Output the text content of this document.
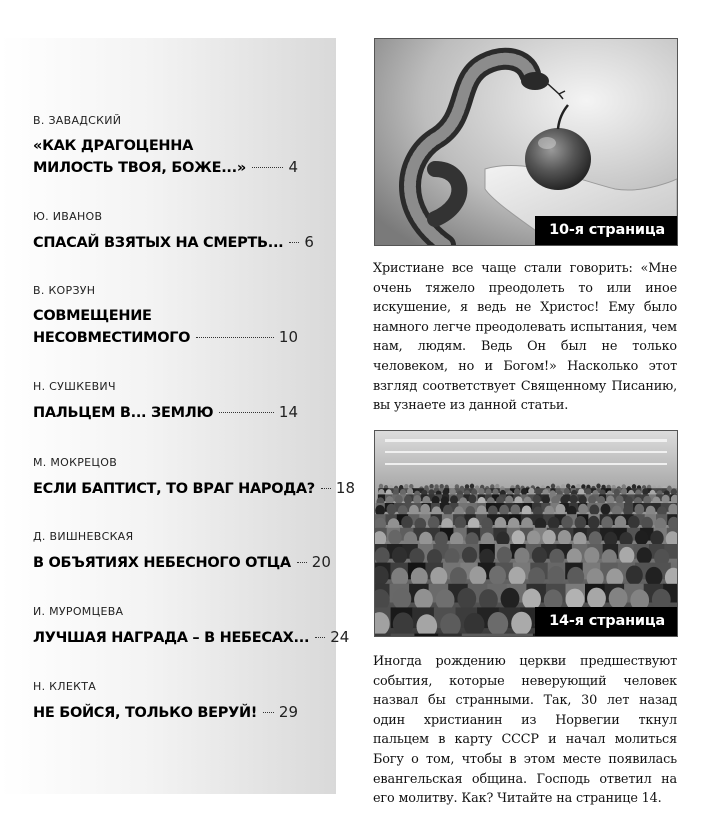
В. ЗАВАДСКИЙ
«КАК ДРАГОЦЕННА
МИЛОСТЬ ТВОЯ, БОЖЕ...»	4
Ю. ИВАНОВ
СПАСАЙ ВЗЯТЫХ НА СМЕРТЬ... 6
В. КОРЗУН
СОВМЕЩЕНИЕ
НЕСОВМЕСТИМОГО	10
Н. СУШКЕВИЧ
ПАЛЬЦЕМ В... ЗЕМЛЮ	14
М. МОКРЕЦОВ
ЕСЛИ БАПТИСТ, ТО ВРАГ НАРОДА? 18
Д. ВИШНЕВСКАЯ
В ОБЪЯТИЯХ НЕБЕСНОГО ОТЦА 20
И. МУРОМЦЕВА
ЛУЧШАЯ НАГРАДА – В НЕБЕСАХ... 24
Н. КЛЕКТА
НЕ БОЙСЯ, ТОЛЬКО ВЕРУЙ! 29
10-я страница
Христиане все чаще стали говорить: «Мне очень тяжело преодолеть то или иное искушение, я ведь не Христос! Ему было намного легче преодолевать испытания, чем нам, людям. Ведь Он был не только человеком, но и Богом!» Насколько этот взгляд соответствует Священному Писанию, вы узнаете из данной статьи.
14-я страница
Иногда рождению церкви предшествуют события, которые неверующий человек назвал бы странными. Так, 30 лет назад один христианин из Норвегии ткнул пальцем в карту СССР и начал молиться Богу о том, чтобы в этом месте появилась евангельская община. Господь ответил на его молитву. Как? Читайте на странице 14.
